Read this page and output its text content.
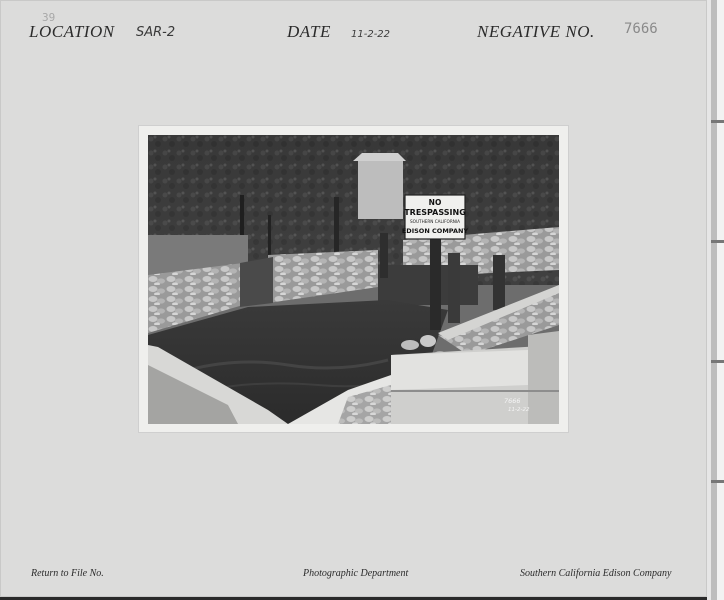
39
LOCATION SAR-2	DATE 11-2-22	NEGATIVE NO. 7666
NO
TRESPASSING
SOUTHERN CALIFORNIA
EDISON COMPANY
7666
11-2-22
Return to File No.	Photographic Department	Southern California Edison Company
